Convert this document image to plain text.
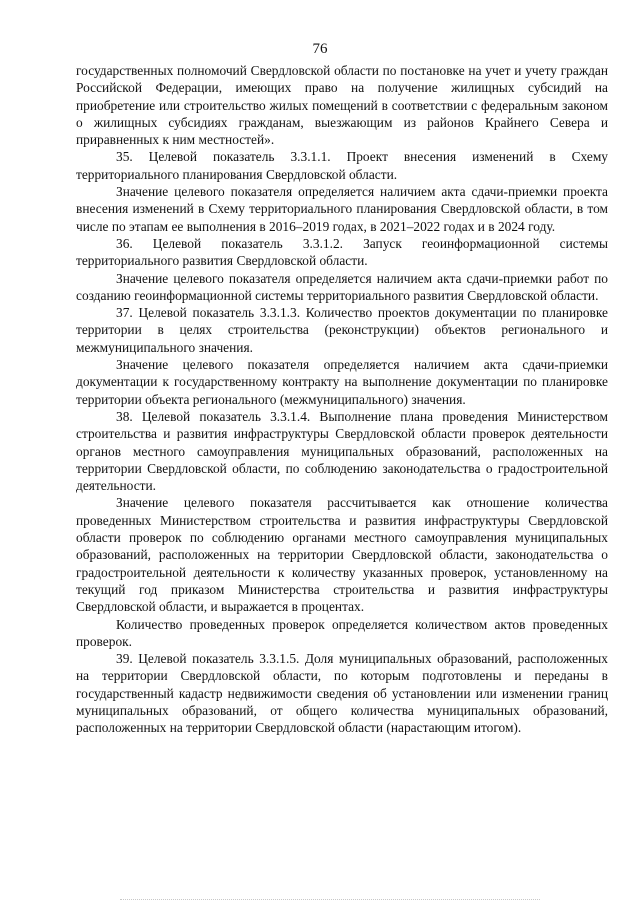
76

государственных полномочий Свердловской области по постановке на учет и учету граждан Российской Федерации, имеющих право на получение жилищных субсидий на приобретение или строительство жилых помещений в соответствии с федеральным законом о жилищных субсидиях гражданам, выезжающим из районов Крайнего Севера и приравненных к ним местностей».

35. Целевой показатель 3.3.1.1. Проект внесения изменений в Схему территориального планирования Свердловской области.

Значение целевого показателя определяется наличием акта сдачи-приемки проекта внесения изменений в Схему территориального планирования Свердловской области, в том числе по этапам ее выполнения в 2016–2019 годах, в 2021–2022 годах и в 2024 году.

36. Целевой показатель 3.3.1.2. Запуск геоинформационной системы территориального развития Свердловской области.

Значение целевого показателя определяется наличием акта сдачи-приемки работ по созданию геоинформационной системы территориального развития Свердловской области.

37. Целевой показатель 3.3.1.3. Количество проектов документации по планировке территории в целях строительства (реконструкции) объектов регионального и межмуниципального значения.

Значение целевого показателя определяется наличием акта сдачи-приемки документации к государственному контракту на выполнение документации по планировке территории объекта регионального (межмуниципального) значения.

38. Целевой показатель 3.3.1.4. Выполнение плана проведения Министерством строительства и развития инфраструктуры Свердловской области проверок деятельности органов местного самоуправления муниципальных образований, расположенных на территории Свердловской области, по соблюдению законодательства о градостроительной деятельности.

Значение целевого показателя рассчитывается как отношение количества проведенных Министерством строительства и развития инфраструктуры Свердловской области проверок по соблюдению органами местного самоуправления муниципальных образований, расположенных на территории Свердловской области, законодательства о градостроительной деятельности к количеству указанных проверок, установленному на текущий год приказом Министерства строительства и развития инфраструктуры Свердловской области, и выражается в процентах.

Количество проведенных проверок определяется количеством актов проведенных проверок.

39. Целевой показатель 3.3.1.5. Доля муниципальных образований, расположенных на территории Свердловской области, по которым подготовлены и переданы в государственный кадастр недвижимости сведения об установлении или изменении границ муниципальных образований, от общего количества муниципальных образований, расположенных на территории Свердловской области (нарастающим итогом).
